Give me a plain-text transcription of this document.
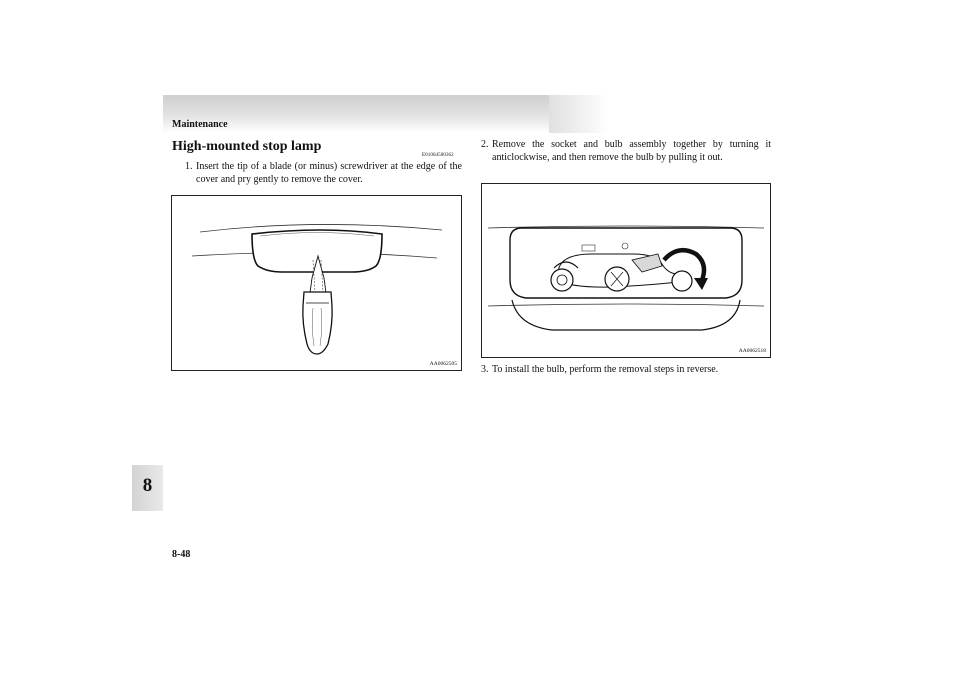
Maintenance
8
8-48
High-mounted stop lamp
E01004500362
1. Insert the tip of a blade (or minus) screwdriver at the edge of the cover and pry gently to remove the cover.
AA0062505
2. Remove the socket and bulb assembly together by turning it anticlockwise, and then remove the bulb by pulling it out.
AA0062518
3. To install the bulb, perform the removal steps in reverse.
